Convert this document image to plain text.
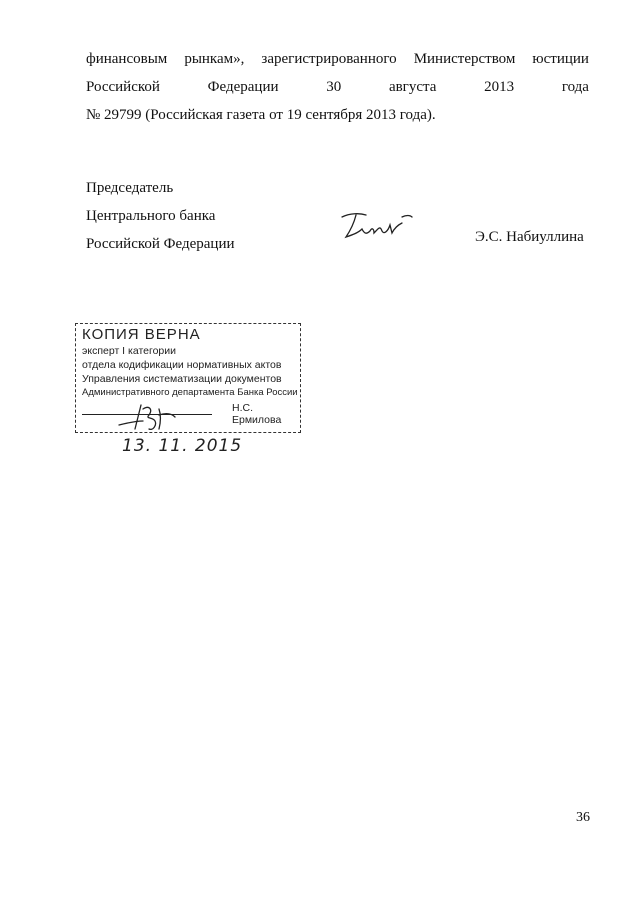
финансовым рынкам», зарегистрированного Министерством юстиции
Российской	Федерации	30	августа	2013	года
№ 29799 (Российская газета от 19 сентября 2013 года).
Председатель
Центрального банка
Российской Федерации	Э.С. Набиуллина
КОПИЯ ВЕРНА
эксперт I категории
отдела кодификации нормативных актов
Управления систематизации документов
Административного департамента Банка России
Н.С. Ермилова
13. 11. 2015
36
